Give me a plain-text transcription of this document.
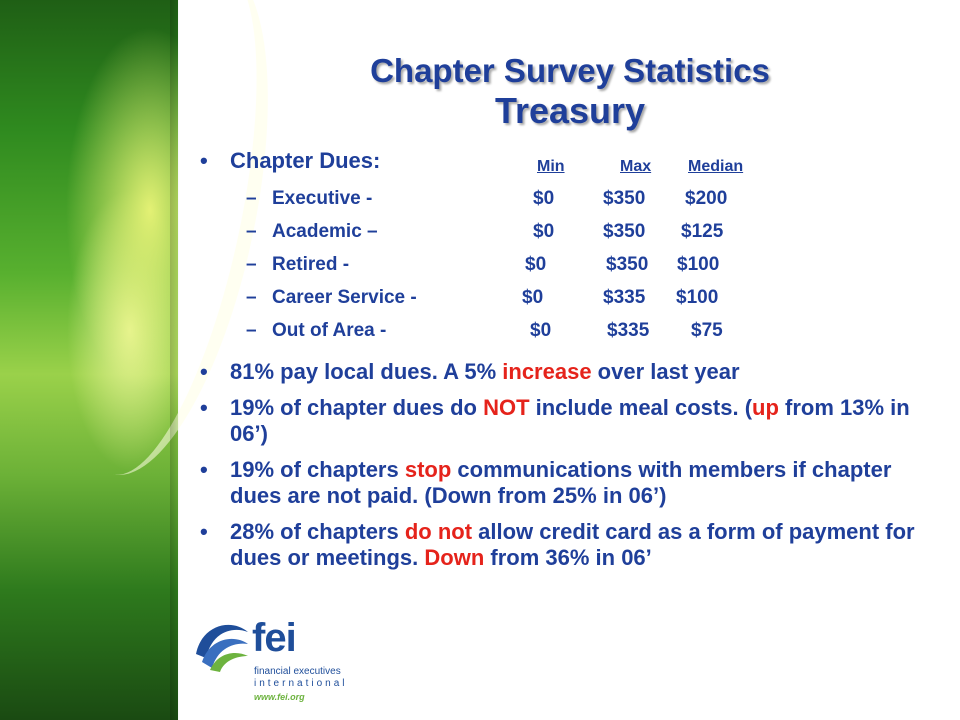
Chapter Survey Statistics
Treasury
• Chapter Dues:	Min	Max Median
– Executive -	$0	$350 $200
– Academic –	$0	$350 $125
– Retired -	$0	$350 $100
– Career Service -	$0	$335 $100
– Out of Area -	$0	$335 $75
• 81% pay local dues. A 5% increase over last year
• 19% of chapter dues do NOT include meal costs. (up from 13% in 06’)
• 19% of chapters stop communications with members if chapter dues are not paid. (Down from 25% in 06’)
• 28% of chapters do not allow credit card as a form of payment for dues or meetings. Down from 36% in 06’
fei
financial executives
international
www.fei.org
